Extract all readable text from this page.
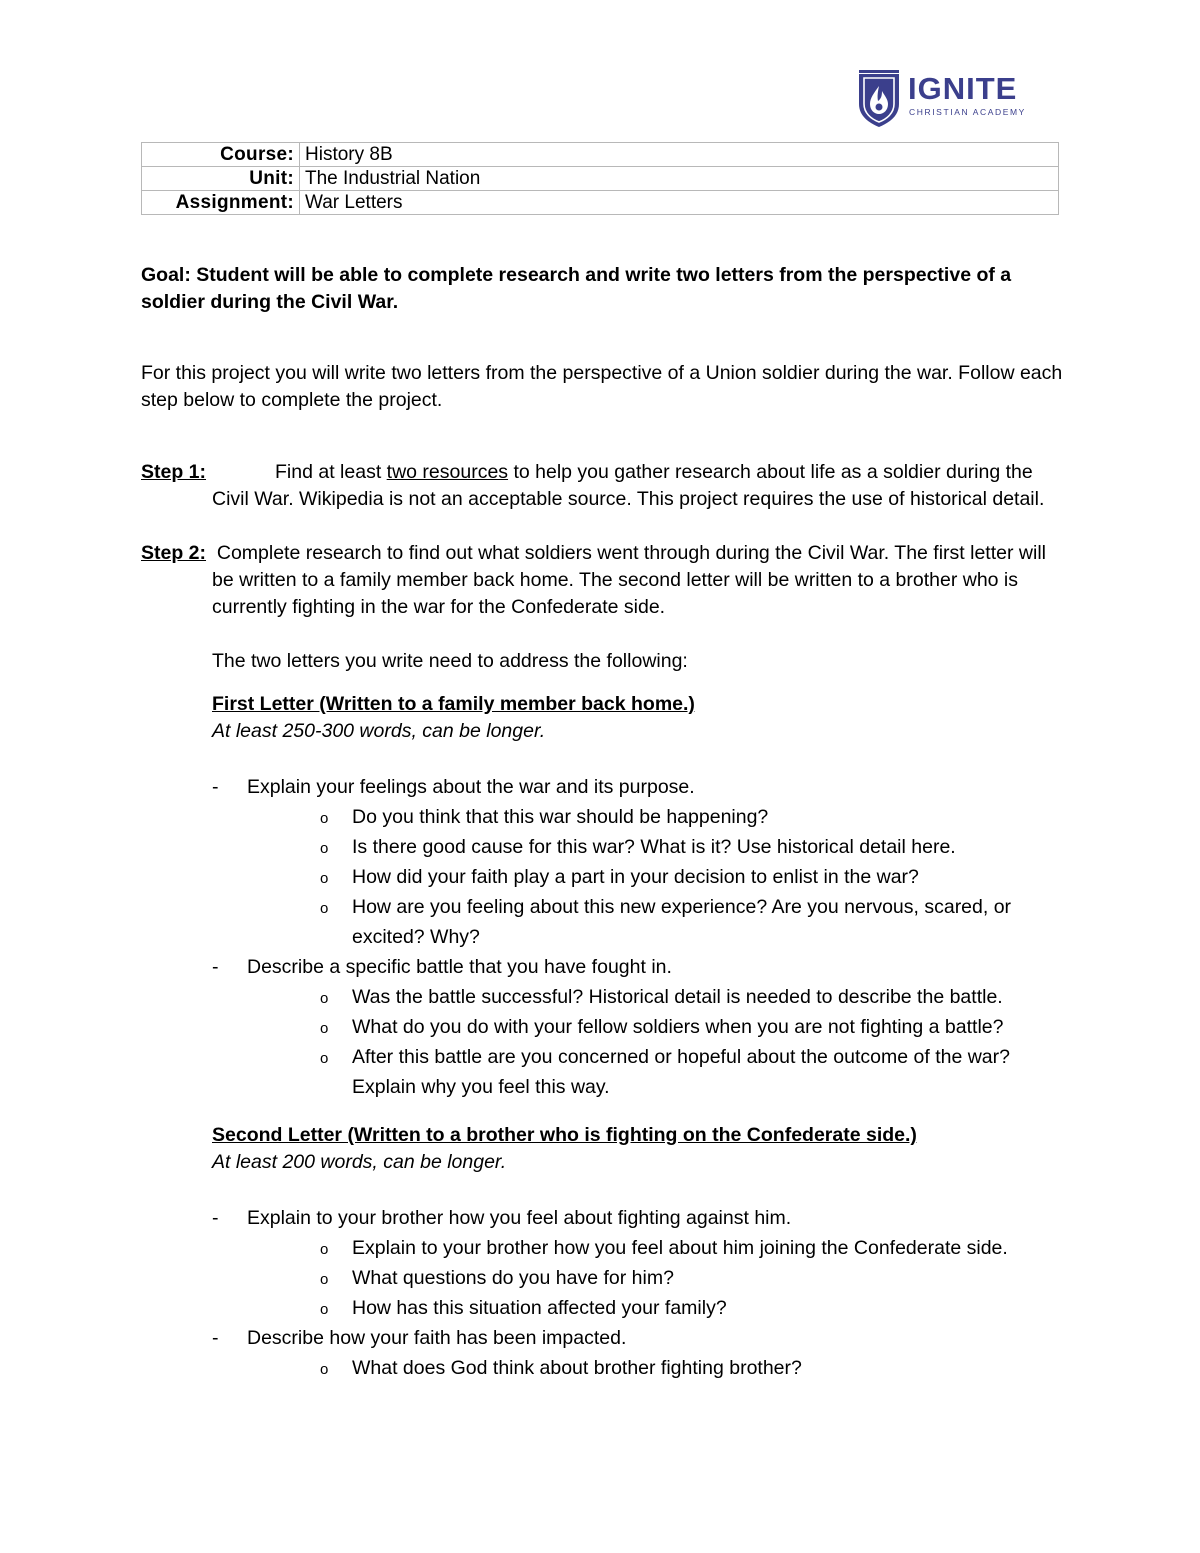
IGNITE
CHRISTIAN ACADEMY
Course:	History 8B
Unit:	The Industrial Nation
Assignment:	War Letters

Goal: Student will be able to complete research and write two letters from the perspective of a soldier during the Civil War.

For this project you will write two letters from the perspective of a Union soldier during the war. Follow each step below to complete the project.

Step 1:	Find at least two resources to help you gather research about life as a soldier during the Civil War. Wikipedia is not an acceptable source. This project requires the use of historical detail.

Step 2: Complete research to find out what soldiers went through during the Civil War. The first letter will be written to a family member back home. The second letter will be written to a brother who is currently fighting in the war for the Confederate side.

The two letters you write need to address the following:

First Letter (Written to a family member back home.)

At least 250-300 words, can be longer.

- Explain your feelings about the war and its purpose.
o Do you think that this war should be happening?
o Is there good cause for this war? What is it? Use historical detail here.
o How did your faith play a part in your decision to enlist in the war?
o How are you feeling about this new experience? Are you nervous, scared, or excited? Why?
- Describe a specific battle that you have fought in.
o Was the battle successful? Historical detail is needed to describe the battle.
o What do you do with your fellow soldiers when you are not fighting a battle?
o After this battle are you concerned or hopeful about the outcome of the war? Explain why you feel this way.

Second Letter (Written to a brother who is fighting on the Confederate side.)

At least 200 words, can be longer.

- Explain to your brother how you feel about fighting against him.
o Explain to your brother how you feel about him joining the Confederate side.
o What questions do you have for him?
o How has this situation affected your family?
- Describe how your faith has been impacted.
o What does God think about brother fighting brother?
